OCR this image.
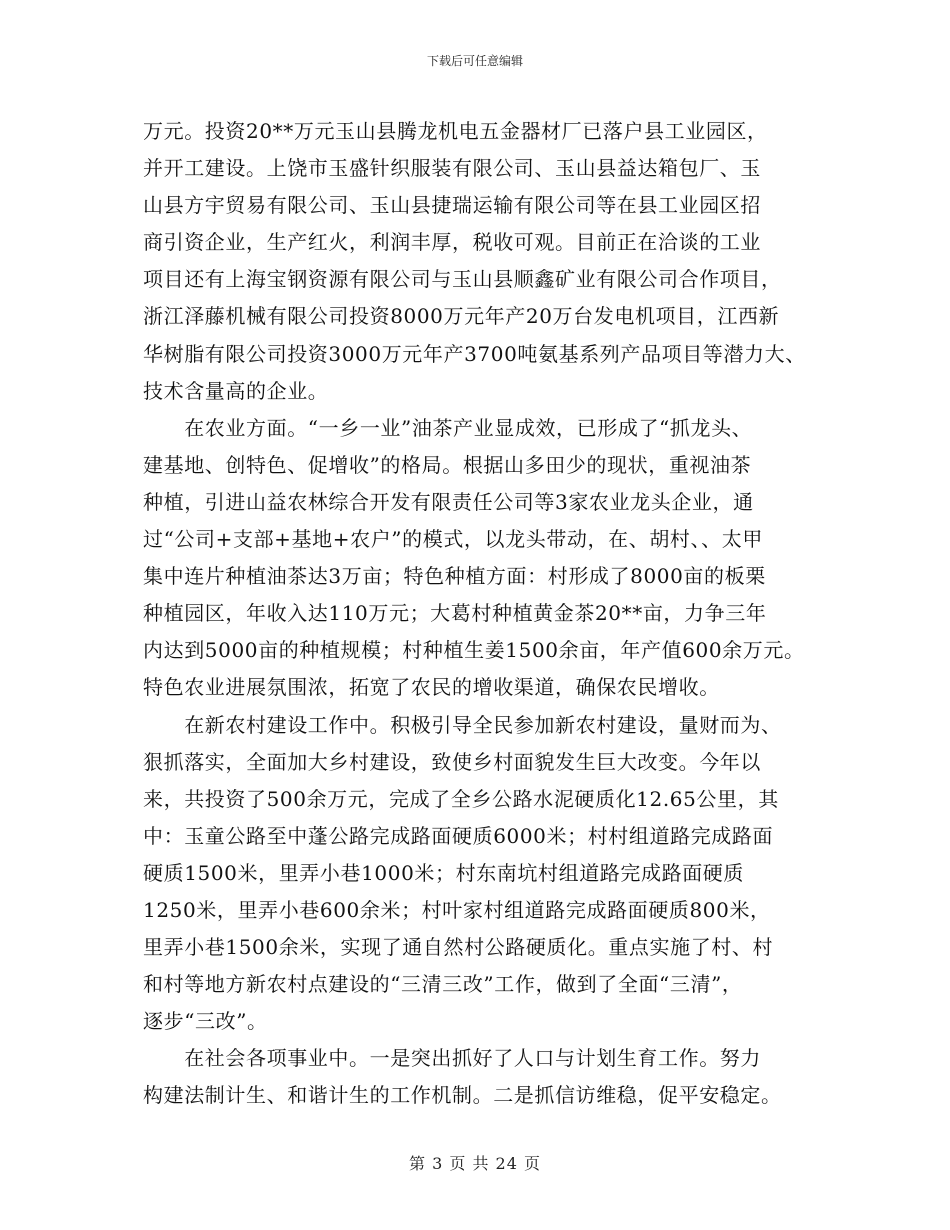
下载后可任意编辑
万元。投资20**万元玉山县腾龙机电五金器材厂已落户县工业园区，
并开工建设。上饶市玉盛针织服装有限公司、玉山县益达箱包厂、玉
山县方宇贸易有限公司、玉山县捷瑞运输有限公司等在县工业园区招
商引资企业，生产红火，利润丰厚，税收可观。目前正在洽谈的工业
项目还有上海宝钢资源有限公司与玉山县顺鑫矿业有限公司合作项目，
浙江泽藤机械有限公司投资8000万元年产20万台发电机项目，江西新
华树脂有限公司投资3000万元年产3700吨氨基系列产品项目等潜力大、
技术含量高的企业。
　　在农业方面。“一乡一业”油茶产业显成效，已形成了“抓龙头、
建基地、创特色、促增收”的格局。根据山多田少的现状，重视油茶
种植，引进山益农林综合开发有限责任公司等3家农业龙头企业，通
过“公司+支部+基地+农户”的模式，以龙头带动，在、胡村、、太甲
集中连片种植油茶达3万亩；特色种植方面：村形成了8000亩的板栗
种植园区，年收入达110万元；大葛村种植黄金茶20**亩，力争三年
内达到5000亩的种植规模；村种植生姜1500余亩，年产值600余万元。
特色农业进展氛围浓，拓宽了农民的增收渠道，确保农民增收。
　　在新农村建设工作中。积极引导全民参加新农村建设，量财而为、
狠抓落实，全面加大乡村建设，致使乡村面貌发生巨大改变。今年以
来，共投资了500余万元，完成了全乡公路水泥硬质化12.65公里，其
中：玉童公路至中蓬公路完成路面硬质6000米；村村组道路完成路面
硬质1500米，里弄小巷1000米；村东南坑村组道路完成路面硬质
1250米，里弄小巷600余米；村叶家村组道路完成路面硬质800米，
里弄小巷1500余米，实现了通自然村公路硬质化。重点实施了村、村
和村等地方新农村点建设的“三清三改”工作，做到了全面“三清”，
逐步“三改”。
　　在社会各项事业中。一是突出抓好了人口与计划生育工作。努力
构建法制计生、和谐计生的工作机制。二是抓信访维稳，促平安稳定。
第 3 页 共 24 页
